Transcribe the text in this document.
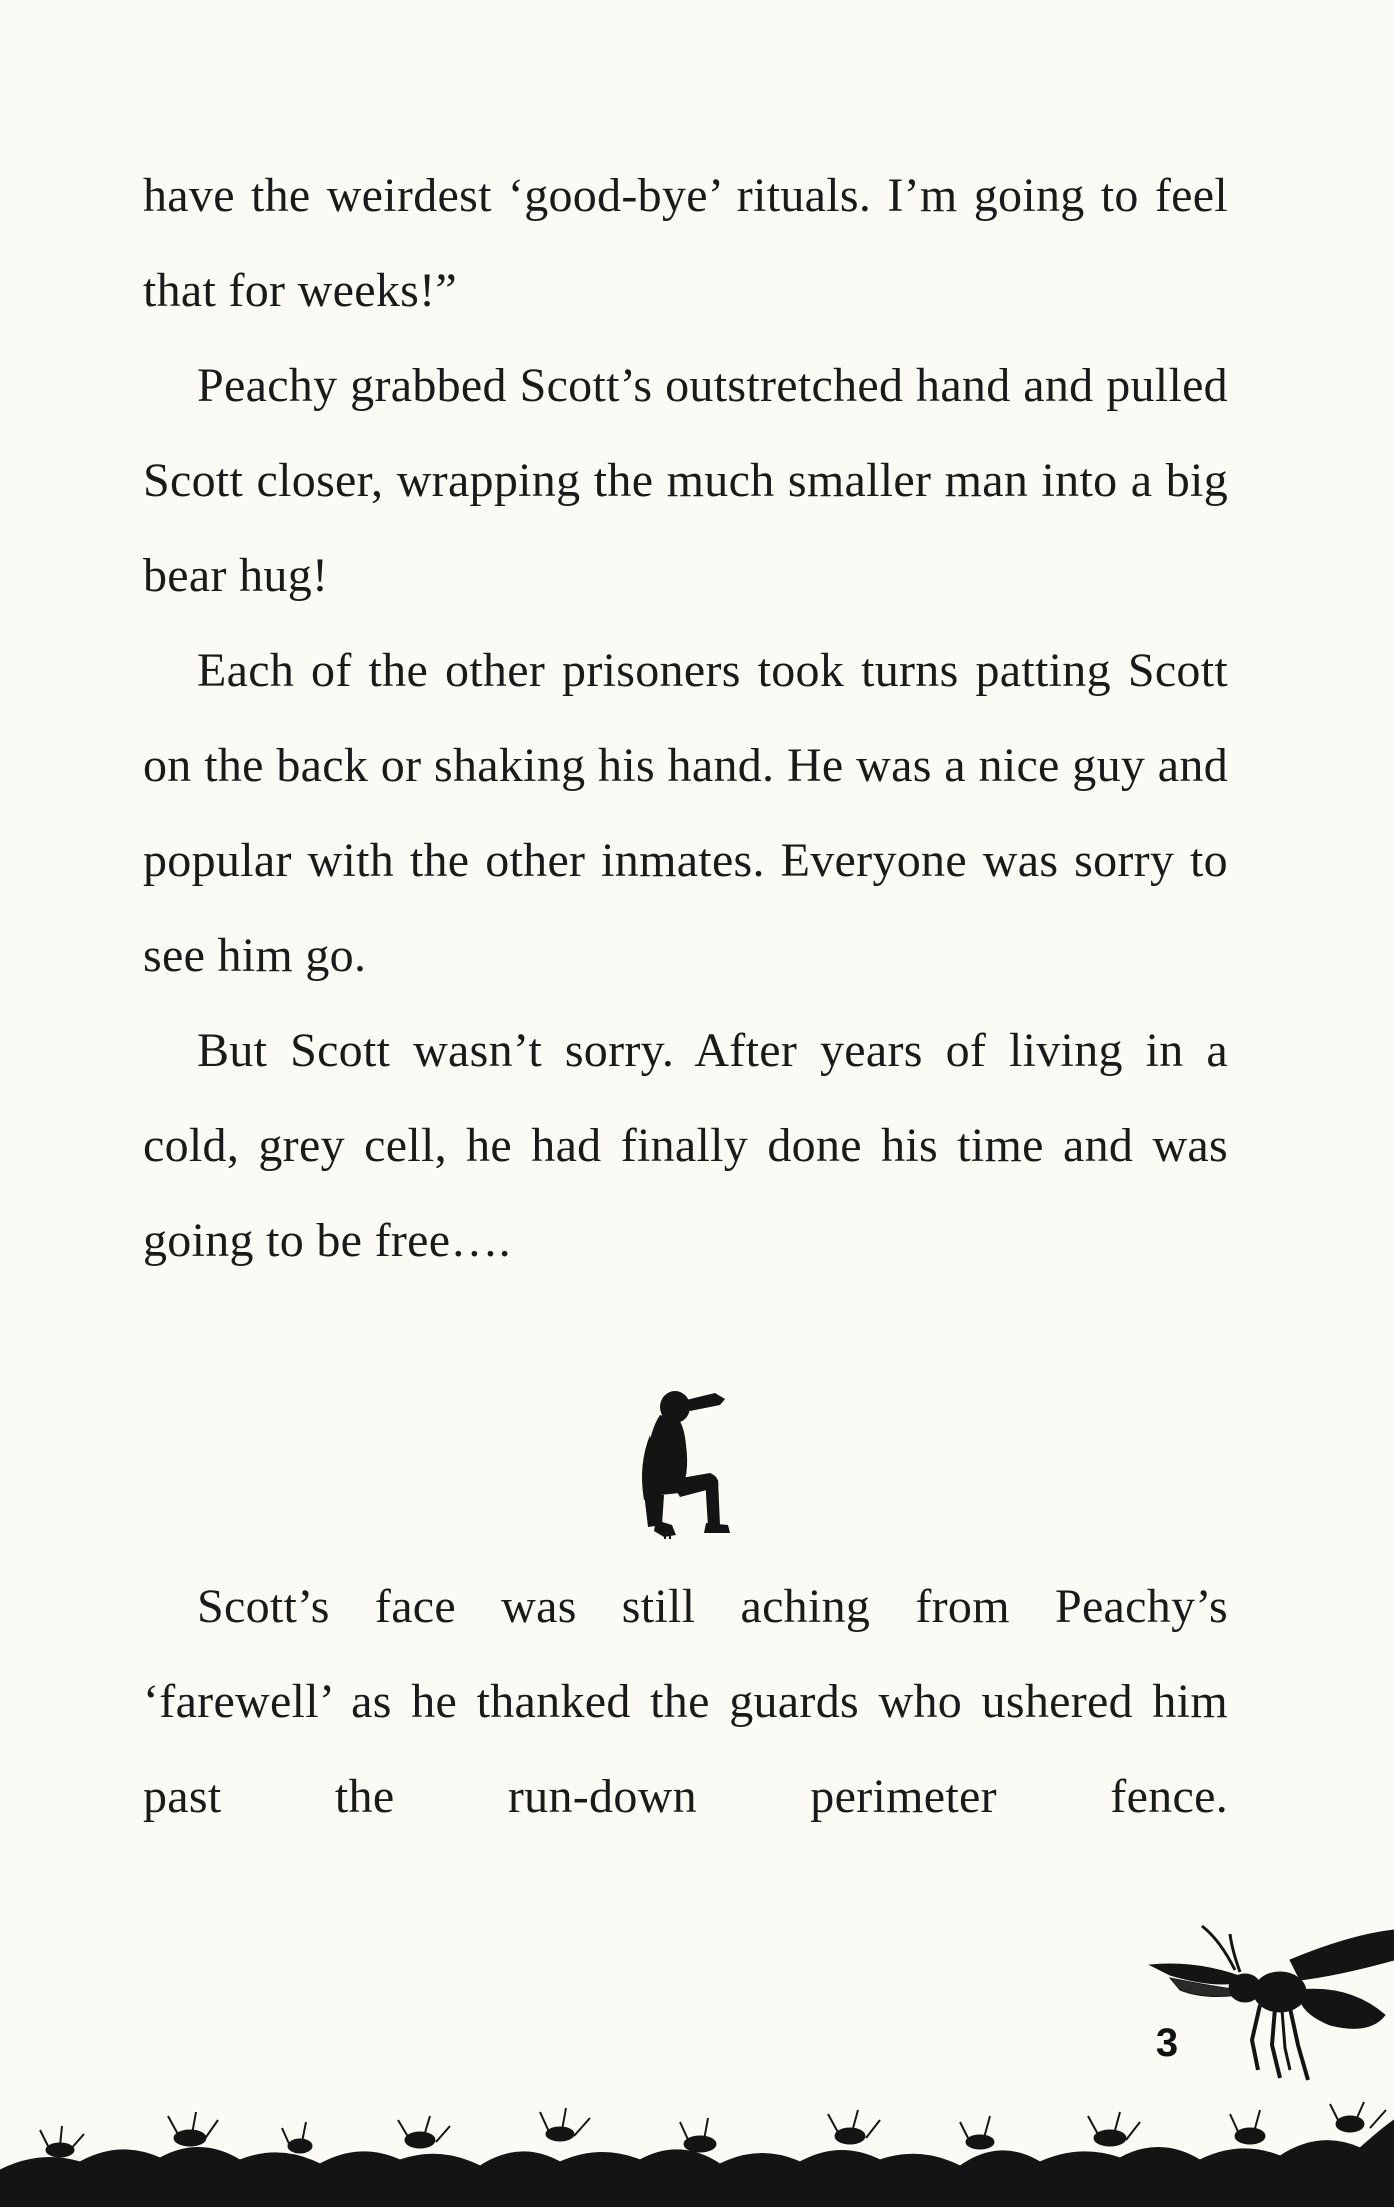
have the weirdest ‘good-bye’ rituals. I’m going to feel that for weeks!”

Peachy grabbed Scott’s outstretched hand and pulled Scott closer, wrapping the much smaller man into a big bear hug!

Each of the other prisoners took turns patting Scott on the back or shaking his hand. He was a nice guy and popular with the other inmates. Everyone was sorry to see him go.

But Scott wasn’t sorry. After years of living in a cold, grey cell, he had finally done his time and was going to be free….

Scott’s face was still aching from Peachy’s ‘farewell’ as he thanked the guards who ushered him past the run-down perimeter fence.

3
